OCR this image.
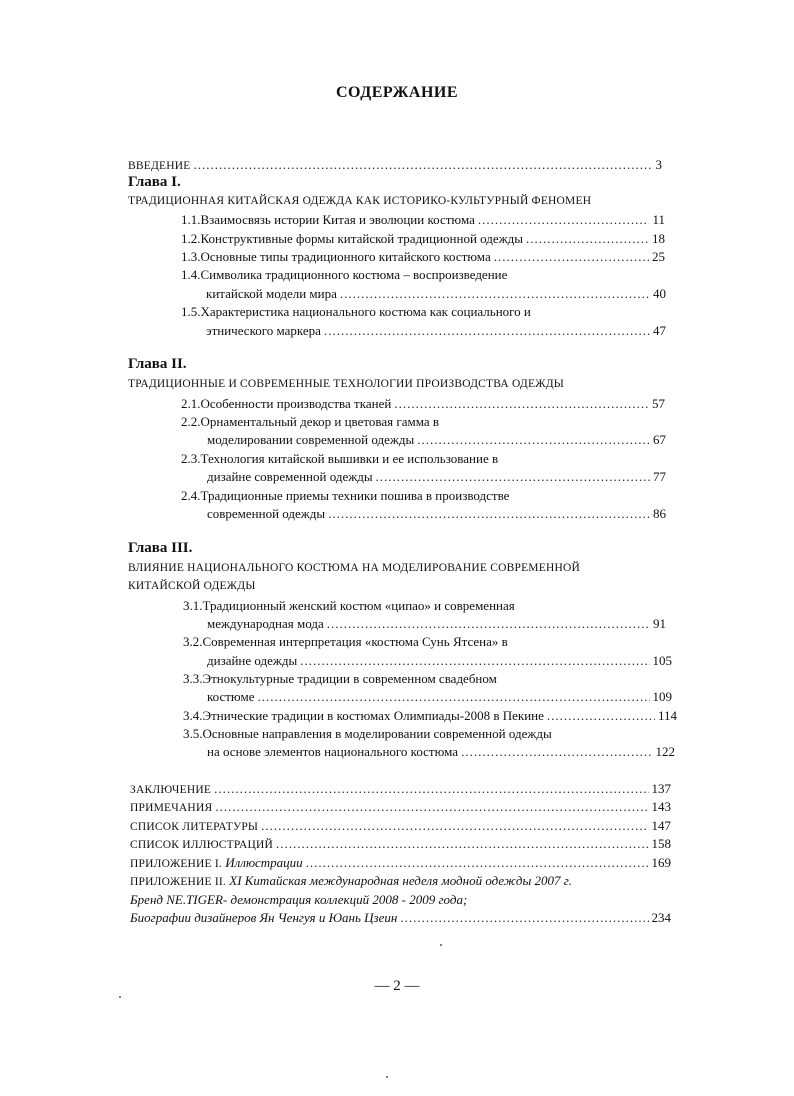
СОДЕРЖАНИЕ
ВВЕДЕНИЕ .....	3
Глава I.
ТРАДИЦИОННАЯ КИТАЙСКАЯ ОДЕЖДА КАК ИСТОРИКО-КУЛЬТУРНЫЙ ФЕНОМЕН
1.1.Взаимосвязь истории Китая и эволюции костюма .....	11
1.2.Конструктивные формы китайской традиционной одежды .....	18
1.3.Основные типы традиционного китайского костюма .....	25
1.4.Символика традиционного костюма – воспроизведение
китайской модели мира .....	40
1.5.Характеристика национального костюма как социального и
этнического маркера .....	47
Глава II.
ТРАДИЦИОННЫЕ И СОВРЕМЕННЫЕ ТЕХНОЛОГИИ ПРОИЗВОДСТВА ОДЕЖДЫ
2.1.Особенности производства тканей .....	57
2.2.Орнаментальный декор и цветовая гамма в
моделировании современной одежды .....	67
2.3.Технология китайской вышивки и ее использование в
дизайне современной одежды .....	77
2.4.Традиционные приемы техники пошива в производстве
современной одежды .....	86
Глава III.
ВЛИЯНИЕ НАЦИОНАЛЬНОГО КОСТЮМА НА МОДЕЛИРОВАНИЕ СОВРЕМЕННОЙ
КИТАЙСКОЙ ОДЕЖДЫ
3.1.Традиционный женский костюм «ципао» и современная
международная мода .....	91
3.2.Современная интерпретация «костюма Сунь Ятсена» в
дизайне одежды .....	105
3.3.Этнокультурные традиции в современном свадебном
костюме .....	109
3.4.Этнические традиции в костюмах Олимпиады-2008 в Пекине .....	114
3.5.Основные направления в моделировании современной одежды
на основе элементов национального костюма .....	122
ЗАКЛЮЧЕНИЕ .....	137
ПРИМЕЧАНИЯ .....	143
СПИСОК ЛИТЕРАТУРЫ .....	147
СПИСОК ИЛЛЮСТРАЦИЙ .....	158
ПРИЛОЖЕНИЕ I. Иллюстрации .....	169
ПРИЛОЖЕНИЕ II. XI Китайская международная неделя модной одежды 2007 г.
Бренд NE.TIGER- демонстрация коллекций 2008 - 2009 года;
Биографии дизайнеров Ян Ченгуя и Юань Цзеин .....	234
— 2 —
